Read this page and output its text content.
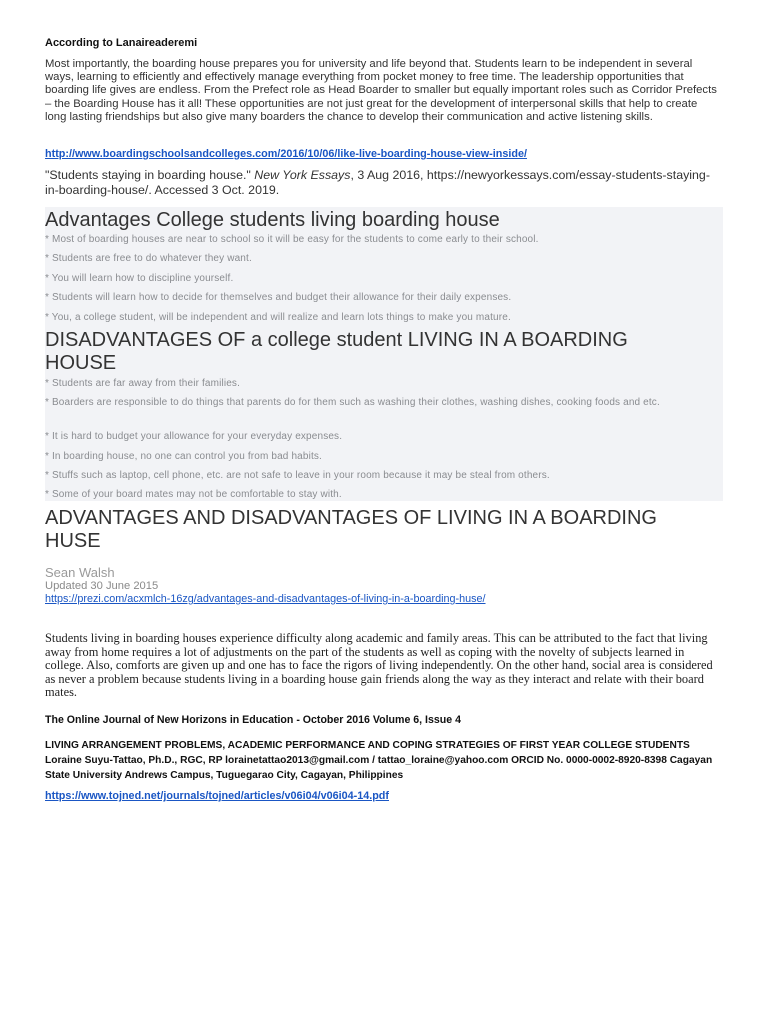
According to Lanaireaderemi
Most importantly, the boarding house prepares you for university and life beyond that. Students learn to be independent in several ways, learning to efficiently and effectively manage everything from pocket money to free time. The leadership opportunities that boarding life gives are endless. From the Prefect role as Head Boarder to smaller but equally important roles such as Corridor Prefects – the Boarding House has it all! These opportunities are not just great for the development of interpersonal skills that help to create long lasting friendships but also give many boarders the chance to develop their communication and active listening skills.
http://www.boardingschoolsandcolleges.com/2016/10/06/like-live-boarding-house-view-inside/
"Students staying in boarding house." New York Essays, 3 Aug 2016, https://newyorkessays.com/essay-students-staying-in-boarding-house/. Accessed 3 Oct. 2019.
Advantages College students living boarding house
* Most of boarding houses are near to school so it will be easy for the students to come early to their school.
* Students are free to do whatever they want.
* You will learn how to discipline yourself.
* Students will learn how to decide for themselves and budget their allowance for their daily expenses.
* You, a college student, will be independent and will realize and learn lots things to make you mature.
DISADVANTAGES OF a college student LIVING IN A BOARDING HOUSE
* Students are far away from their families.
* Boarders are responsible to do things that parents do for them such as washing their clothes, washing dishes, cooking foods and etc.
* It is hard to budget your allowance for your everyday expenses.
* In boarding house, no one can control you from bad habits.
* Stuffs such as laptop, cell phone, etc. are not safe to leave in your room because it may be steal from others.
* Some of your board mates may not be comfortable to stay with.
ADVANTAGES AND DISADVANTAGES OF LIVING IN A BOARDING HUSE
Sean Walsh
Updated 30 June 2015
https://prezi.com/acxmlch-16zg/advantages-and-disadvantages-of-living-in-a-boarding-huse/
Students living in boarding houses experience difficulty along academic and family areas. This can be attributed to the fact that living away from home requires a lot of adjustments on the part of the students as well as coping with the novelty of subjects learned in college. Also, comforts are given up and one has to face the rigors of living independently. On the other hand, social area is considered as never a problem because students living in a boarding house gain friends along the way as they interact and relate with their board mates.
The Online Journal of New Horizons in Education - October 2016 Volume 6, Issue 4
LIVING ARRANGEMENT PROBLEMS, ACADEMIC PERFORMANCE AND COPING STRATEGIES OF FIRST YEAR COLLEGE STUDENTS Loraine Suyu-Tattao, Ph.D., RGC, RP lorainetattao2013@gmail.com / tattao_loraine@yahoo.com ORCID No. 0000-0002-8920-8398 Cagayan State University Andrews Campus, Tuguegarao City, Cagayan, Philippines
https://www.tojned.net/journals/tojned/articles/v06i04/v06i04-14.pdf
